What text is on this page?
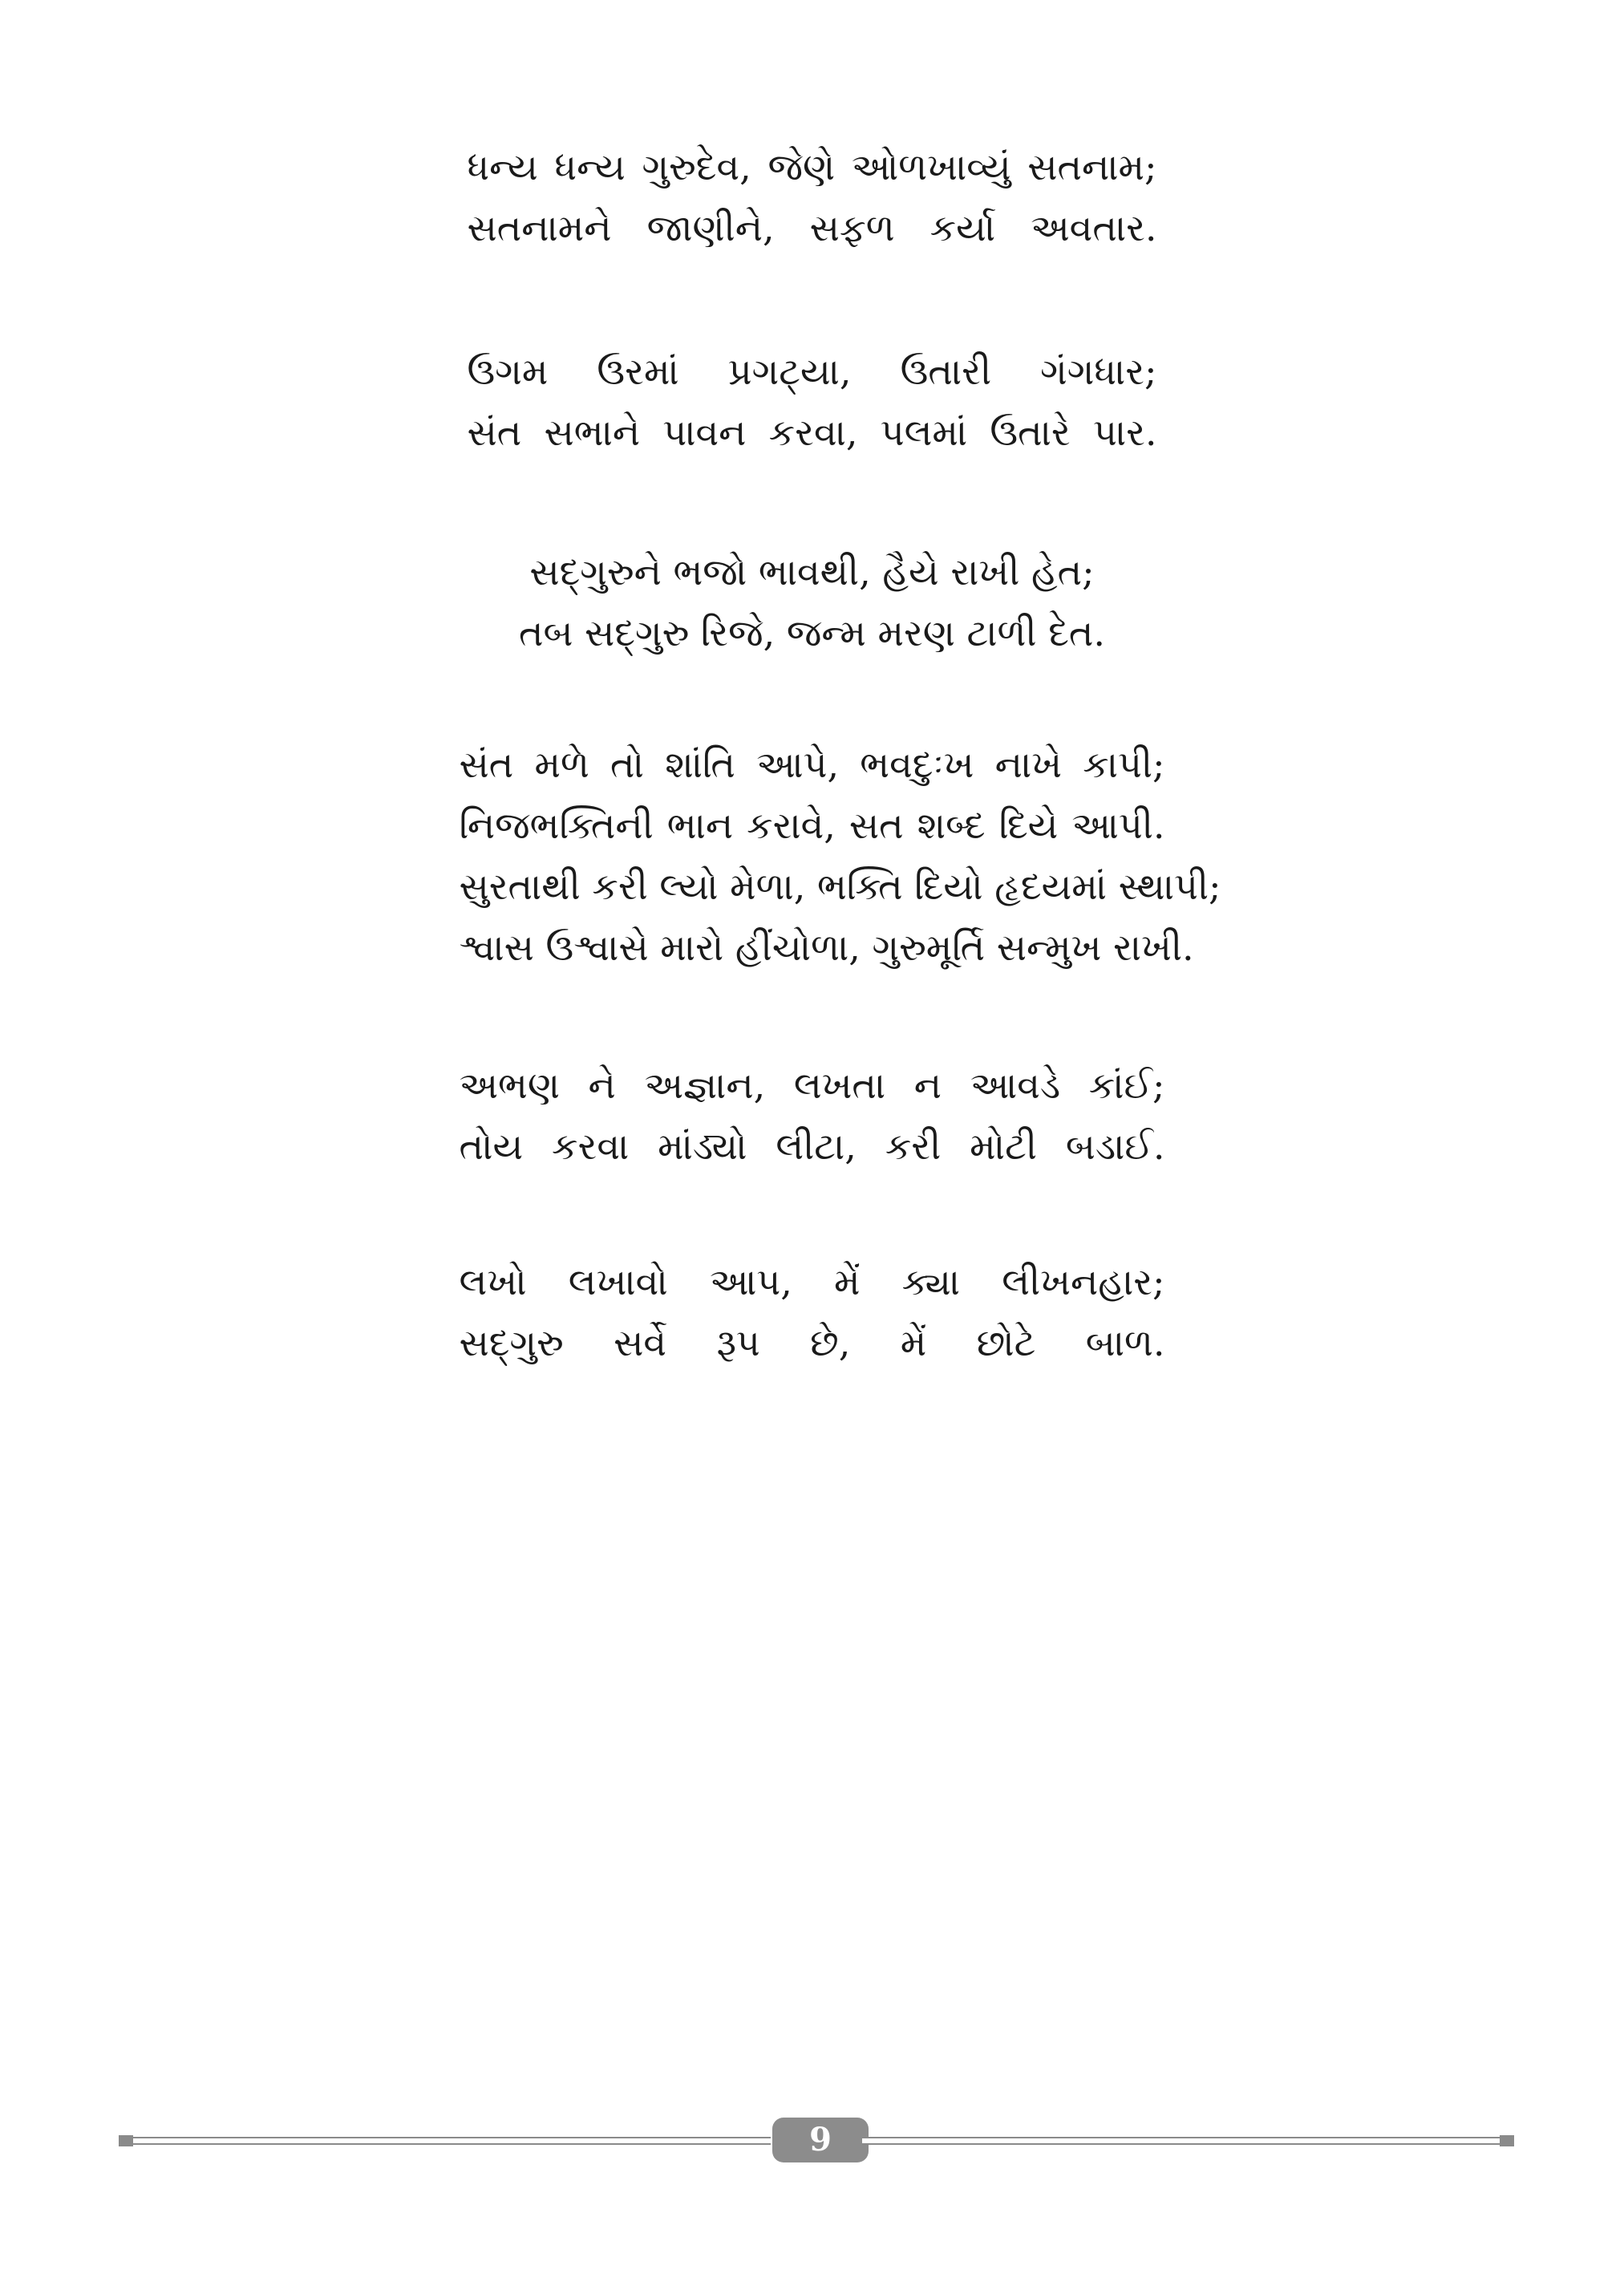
ધન્ય ધન્ય ગુરુદેવ, જેણે ઓળખાવ્યું સતનામ;
સતનામને જાણીને, સફળ કર્યા અવતાર.
ઉગમ ઉરમાં પ્રગટ્યા, ઉતારી ગંગધાર;
સંત સભાને પાવન કરવા, પલમાં ઉતારે પાર.
સદ્ગુરુને ભજો ભાવથી, હૈયે રાખી હેત;
તબ સદ્ગુરુ રિજે, જન્મ મરણ ટાળી દેત.
સંત મળે તો શાંતિ આપે, ભવદુઃખ નાખે કાપી;
નિજભક્તિની ભાન કરાવે, સત શબ્દ દિયે આપી.
સુરતાથી કરી લ્યો મેળા, ભક્તિ દિયો હૃદયમાં સ્થાપી;
શ્વાસ ઉશ્વાસે મારો હીંચોળા, ગુરુમૂર્તિ સન્મુખ રાખી.
અભણ ને અજ્ઞાન, લખતા ન આવડે કાંઈ;
તોય કરવા માંડ્યો લીટા, કરી મોટી બડાઈ.
લખો લખાવો આપ, મેં ક્યા લીખનહાર;
સદ્ગુરુ સર્વે રૂપ છે, મેં છોટે બાળ.
9
